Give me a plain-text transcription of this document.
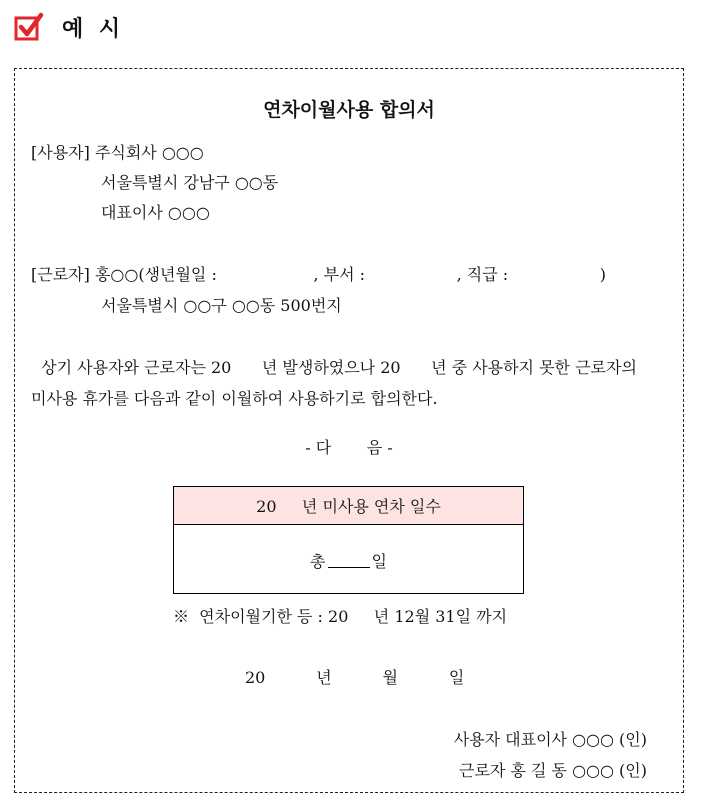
예 시
연차이월사용 합의서
[사용자] 주식회사 ○○○
서울특별시 강남구 ○○동
대표이사 ○○○
[근로자] 홍○○(생년월일 :                   , 부서 :                  , 직급 :                  )
서울특별시 ○○구 ○○동 500번지
상기 사용자와 근로자는 20      년 발생하였으나 20      년 중 사용하지 못한 근로자의
미사용 휴가를 다음과 같이 이월하여 사용하기로 합의한다.
- 다       음 -
20     년 미사용 연차 일수
총	일
※  연차이월기한 등 : 20     년 12월 31일 까지
20          년          월          일
사용자 대표이사 ○○○ (인)
근로자 홍 길 동 ○○○ (인)
